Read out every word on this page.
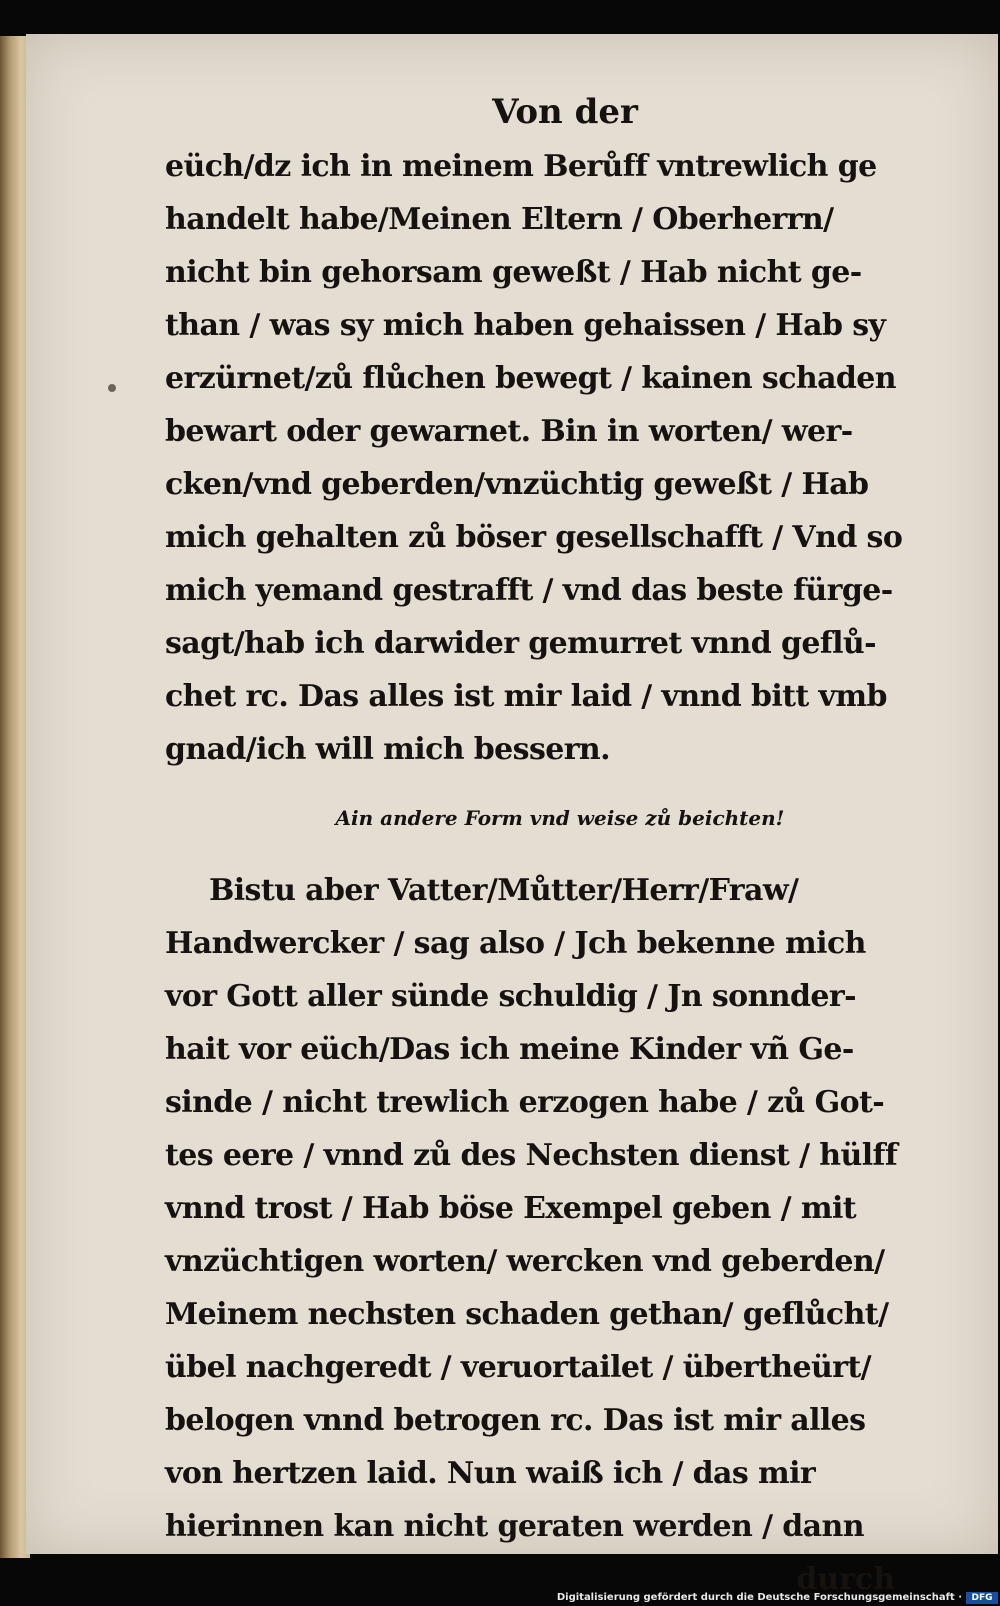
Von der
eüch/dz ich in meinem Berůff vntrewlich ge
handelt habe/Meinen Eltern / Oberherrn/
nicht bin gehorsam geweßt / Hab nicht ge-
than / was sy mich haben gehaissen / Hab sy
erzürnet/zů flůchen bewegt / kainen schaden
bewart oder gewarnet. Bin in worten/ wer-
cken/vnd geberden/vnzüchtig geweßt / Hab
mich gehalten zů böser gesellschafft / Vnd so
mich yemand gestrafft / vnd das beste fürge-
sagt/hab ich darwider gemurret vnnd geflů-
chet rc. Das alles ist mir laid / vnnd bitt vmb
gnad/ich will mich bessern.
Ain andere Form vnd weise zů beichten!
Bistu aber Vatter/Můtter/Herr/Fraw/
Handwercker / sag also / Jch bekenne mich
vor Gott aller sünde schuldig / Jn sonnder-
hait vor eüch/Das ich meine Kinder vñ Ge-
sinde / nicht trewlich erzogen habe / zů Got-
tes eere / vnnd zů des Nechsten dienst / hülff
vnnd trost / Hab böse Exempel geben / mit
vnzüchtigen worten/ wercken vnd geberden/
Meinem nechsten schaden gethan/ geflůcht/
übel nachgeredt / veruortailet / übertheürt/
belogen vnnd betrogen rc. Das ist mir alles
von hertzen laid. Nun waiß ich / das mir
hierinnen kan nicht geraten werden / dann
durch
Digitalisierung gefördert durch die Deutsche Forschungsgemeinschaft ·	DFG
